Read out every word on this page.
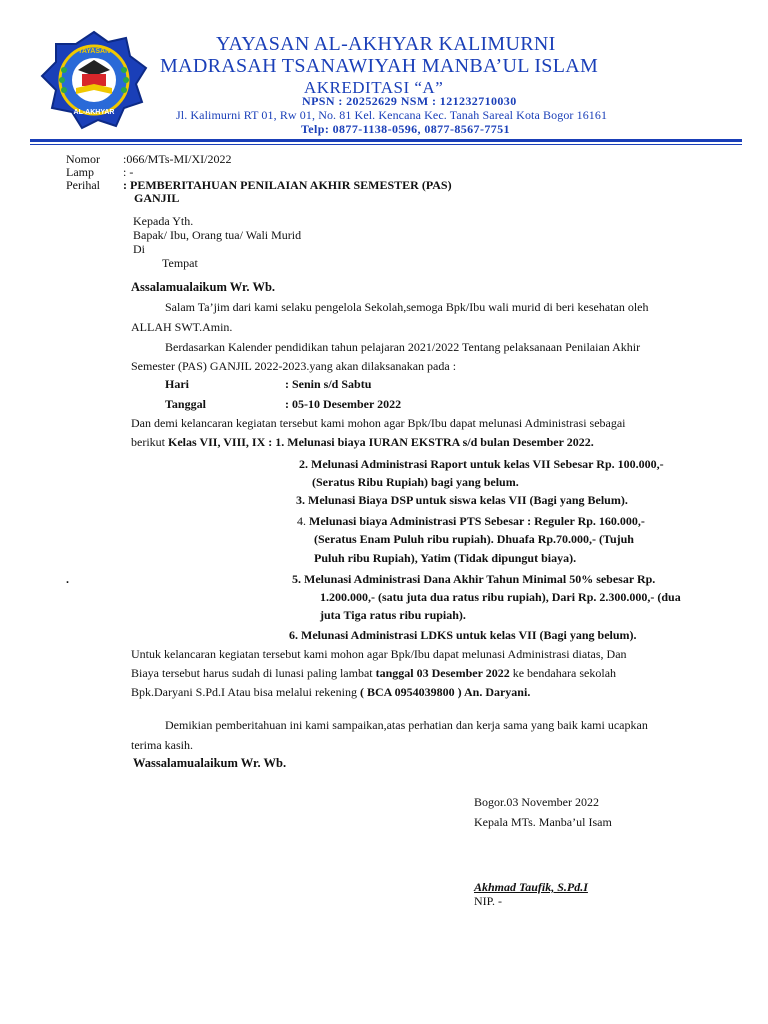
YAYASAN
AL-AKHYAR
YAYASAN AL-AKHYAR KALIMURNI
MADRASAH TSANAWIYAH MANBA’UL ISLAM
AKREDITASI “A”
NPSN : 20252629 NSM : 121232710030
Jl. Kalimurni RT 01, Rw 01, No. 81 Kel. Kencana Kec. Tanah Sareal Kota Bogor 16161
Telp: 0877-1138-0596, 0877-8567-7751
Nomor :066/MTs-MI/XI/2022
Lamp : -
Perihal : PEMBERITAHUAN PENILAIAN AKHIR SEMESTER (PAS)
GANJIL
Kepada Yth.
Bapak/ Ibu, Orang tua/ Wali Murid
Di
Tempat
Assalamualaikum Wr. Wb.
Salam Ta’jim dari kami selaku pengelola Sekolah,semoga Bpk/Ibu wali murid di beri kesehatan oleh
ALLAH SWT.Amin.
Berdasarkan Kalender pendidikan tahun pelajaran 2021/2022 Tentang pelaksanaan Penilaian Akhir
Semester (PAS) GANJIL 2022-2023.yang akan dilaksanakan pada :
Hari	: Senin s/d Sabtu
Tanggal	: 05-10 Desember 2022
Dan demi kelancaran kegiatan tersebut kami mohon agar Bpk/Ibu dapat melunasi Administrasi sebagai
berikut Kelas VII, VIII, IX : 1. Melunasi biaya IURAN EKSTRA s/d bulan Desember 2022.
2. Melunasi Administrasi Raport untuk kelas VII Sebesar Rp. 100.000,-
(Seratus Ribu Rupiah) bagi yang belum.
3. Melunasi Biaya DSP untuk siswa kelas VII (Bagi yang Belum).
4. Melunasi biaya Administrasi PTS Sebesar : Reguler Rp. 160.000,-
(Seratus Enam Puluh ribu rupiah). Dhuafa Rp.70.000,- (Tujuh
Puluh ribu Rupiah), Yatim (Tidak dipungut biaya).
.	5. Melunasi Administrasi Dana Akhir Tahun Minimal 50% sebesar Rp.
1.200.000,- (satu juta dua ratus ribu rupiah), Dari Rp. 2.300.000,- (dua
juta Tiga ratus ribu rupiah).
6. Melunasi Administrasi LDKS untuk kelas VII (Bagi yang belum).
Untuk kelancaran kegiatan tersebut kami mohon agar Bpk/Ibu dapat melunasi Administrasi diatas, Dan
Biaya tersebut harus sudah di lunasi paling lambat tanggal 03 Desember 2022 ke bendahara sekolah
Bpk.Daryani S.Pd.I Atau bisa melalui rekening ( BCA 0954039800 ) An. Daryani.
Demikian pemberitahuan ini kami sampaikan,atas perhatian dan kerja sama yang baik kami ucapkan
terima kasih.
Wassalamualaikum Wr. Wb.
Bogor.03 November 2022
Kepala MTs. Manba’ul Isam
Akhmad Taufik, S.Pd.I
NIP. -
